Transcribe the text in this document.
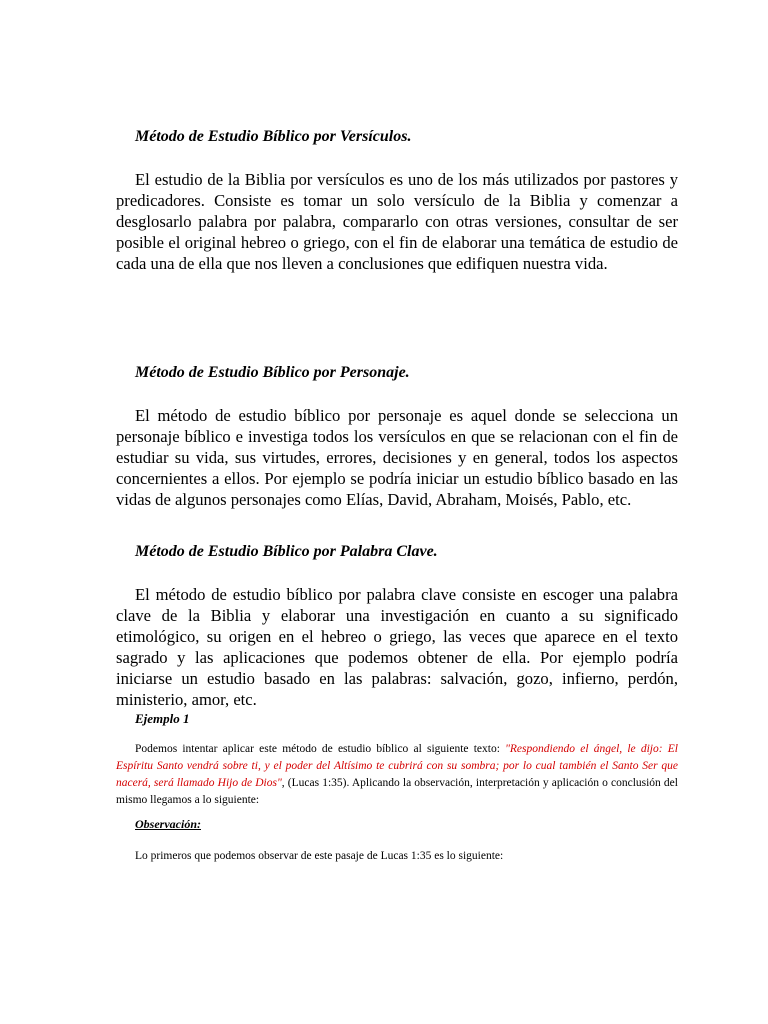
Método de Estudio Bíblico por Versículos.

El estudio de la Biblia por versículos es uno de los más utilizados por pastores y predicadores. Consiste es tomar un solo versículo de la Biblia y comenzar a desglosarlo palabra por palabra, compararlo con otras versiones, consultar de ser posible el original hebreo o griego, con el fin de elaborar una temática de estudio de cada una de ella que nos lleven a conclusiones que edifiquen nuestra vida.

Método de Estudio Bíblico por Personaje.

El método de estudio bíblico por personaje es aquel donde se selecciona un personaje bíblico e investiga todos los versículos en que se relacionan con el fin de estudiar su vida, sus virtudes, errores, decisiones y en general, todos los aspectos concernientes a ellos. Por ejemplo se podría iniciar un estudio bíblico basado en las vidas de algunos personajes como Elías, David, Abraham, Moisés, Pablo, etc.

Método de Estudio Bíblico por Palabra Clave.

El método de estudio bíblico por palabra clave consiste en escoger una palabra clave de la Biblia y elaborar una investigación en cuanto a su significado etimológico, su origen en el hebreo o griego, las veces que aparece en el texto sagrado y las aplicaciones que podemos obtener de ella. Por ejemplo podría iniciarse un estudio basado en las palabras: salvación, gozo, infierno, perdón, ministerio, amor, etc.

Ejemplo 1

Podemos intentar aplicar este método de estudio bíblico al siguiente texto: "Respondiendo el ángel, le dijo: El Espíritu Santo vendrá sobre ti, y el poder del Altísimo te cubrirá con su sombra; por lo cual también el Santo Ser que nacerá, será llamado Hijo de Dios", (Lucas 1:35). Aplicando la observación, interpretación y aplicación o conclusión del mismo llegamos a lo siguiente:

Observación:

Lo primeros que podemos observar de este pasaje de Lucas 1:35 es lo siguiente:
